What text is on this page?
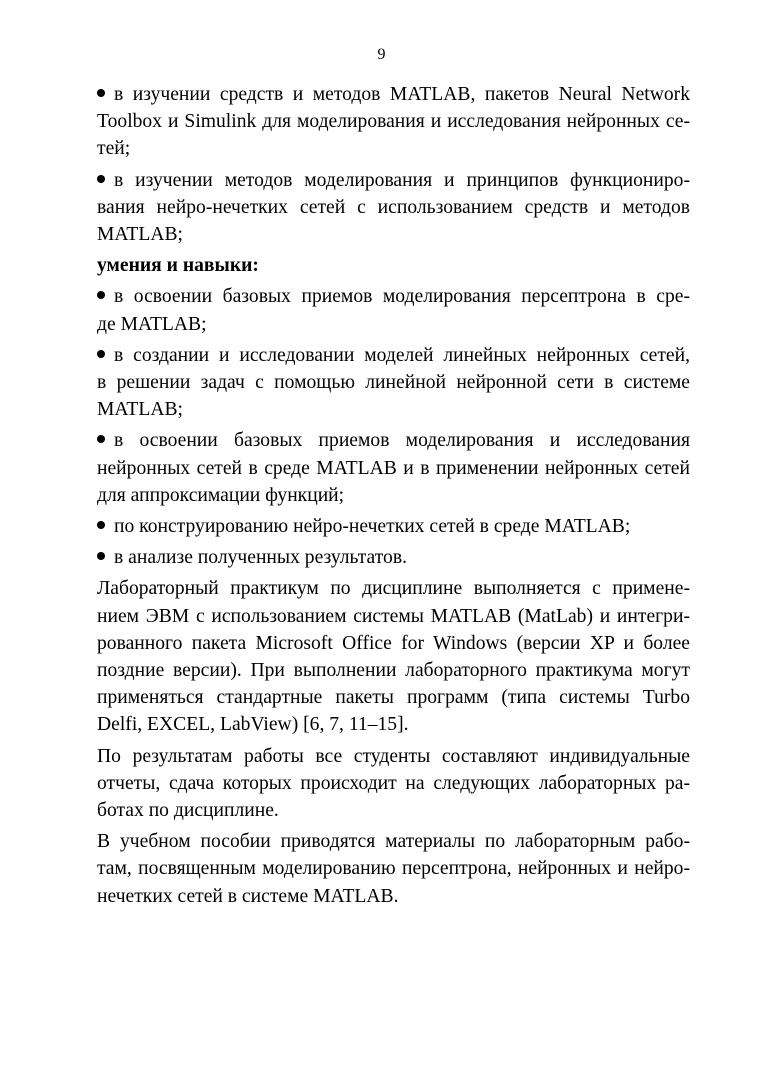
9
в изучении средств и методов MATLAB, пакетов Neural Network
Toolbox и Simulink для моделирования и исследования нейронных се-
тей;
в изучении методов моделирования и принципов функциониро-
вания нейро-нечетких сетей с использованием средств и методов
MATLAB;
умения и навыки:
в освоении базовых приемов моделирования персептрона в сре-
де MATLAB;
в создании и исследовании моделей линейных нейронных сетей,
в решении задач с помощью линейной нейронной сети в системе
MATLAB;
в освоении базовых приемов моделирования и исследования
нейронных сетей в среде MATLAB и в применении нейронных сетей
для аппроксимации функций;
по конструированию нейро-нечетких сетей в среде MATLAB;
в анализе полученных результатов.
Лабораторный практикум по дисциплине выполняется с примене-
нием ЭВМ с использованием системы MATLAB (MatLab) и интегри-
рованного пакета Microsoft Office for Windows (версии XP и более
поздние версии). При выполнении лабораторного практикума могут
применяться стандартные пакеты программ (типа системы Turbo
Delfi, EXCEL, LabView) [6, 7, 11–15].
По результатам работы все студенты составляют индивидуальные
отчеты, сдача которых происходит на следующих лабораторных ра-
ботах по дисциплине.
В учебном пособии приводятся материалы по лабораторным рабо-
там, посвященным моделированию персептрона, нейронных и нейро-
нечетких сетей в системе MATLAB.
